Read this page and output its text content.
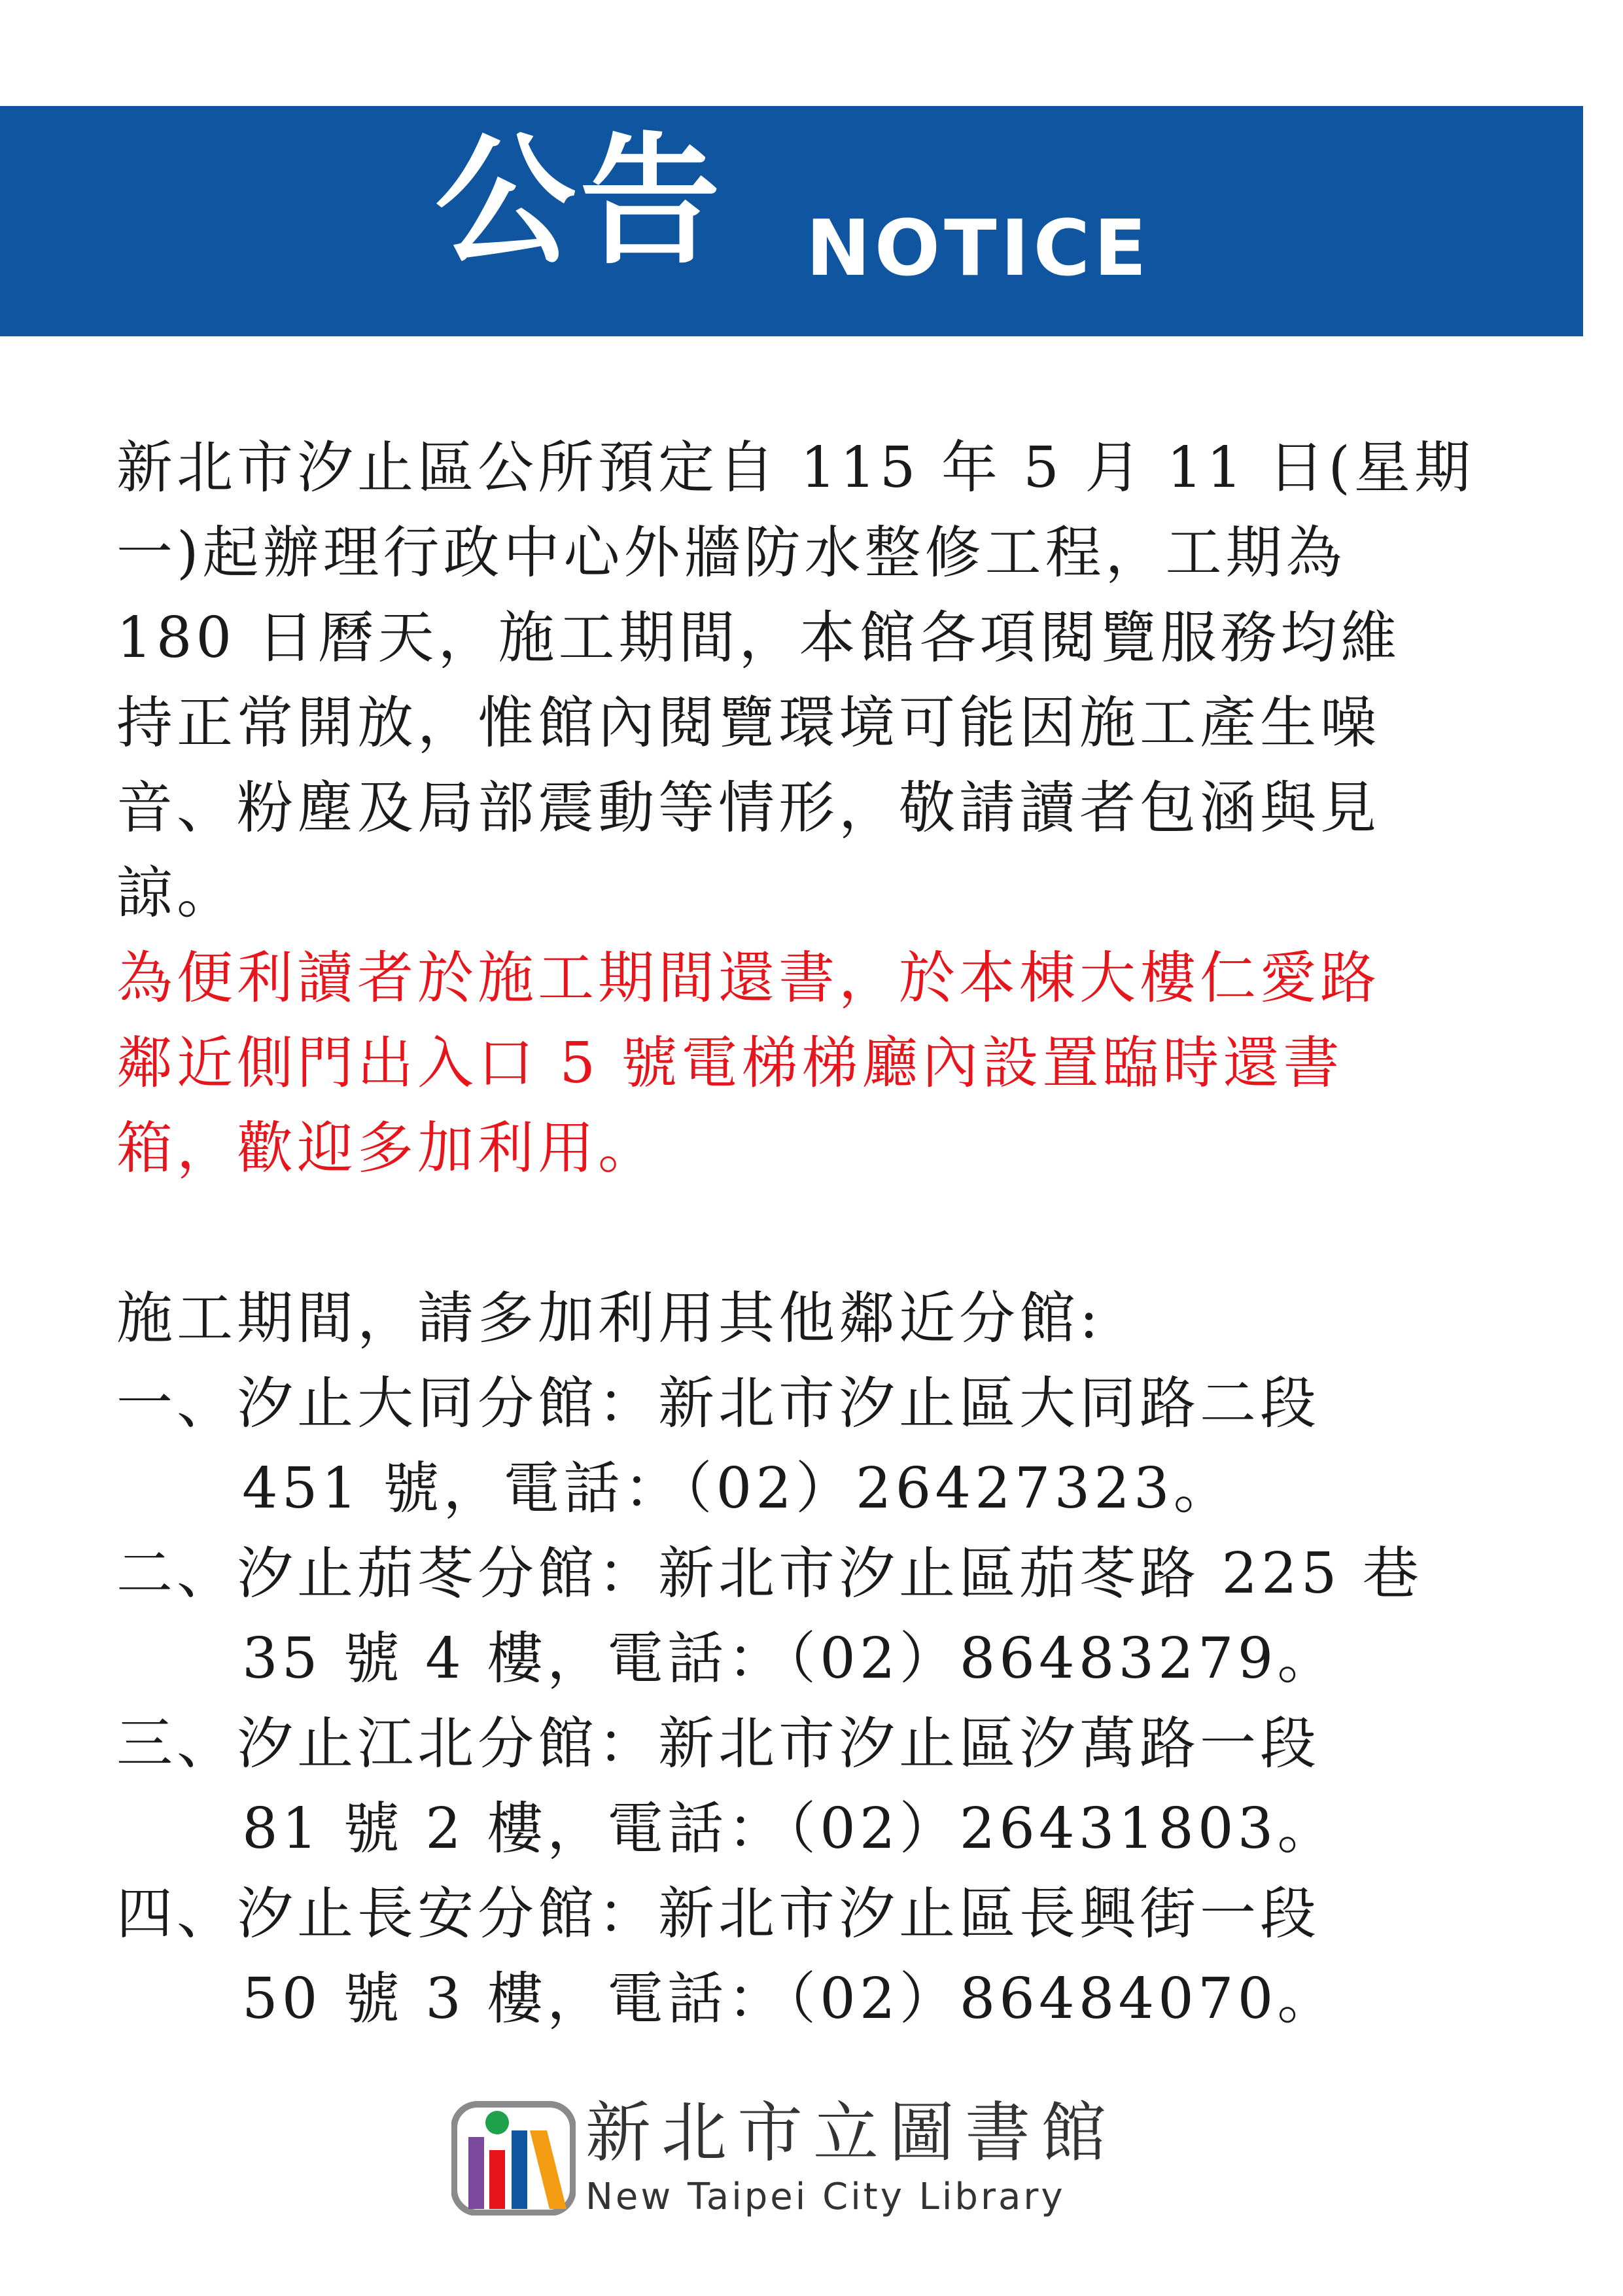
公告 NOTICE
新北市汐止區公所預定自 115 年 5 月 11 日(星期
一)起辦理行政中心外牆防水整修工程，工期為
180 日曆天，施工期間，本館各項閱覽服務均維
持正常開放，惟館內閱覽環境可能因施工產生噪
音、粉塵及局部震動等情形，敬請讀者包涵與見
諒。
為便利讀者於施工期間還書，於本棟大樓仁愛路
鄰近側門出入口 5 號電梯梯廳內設置臨時還書
箱，歡迎多加利用。
施工期間，請多加利用其他鄰近分館:
一、汐止大同分館：新北市汐止區大同路二段
451 號，電話：（02）26427323。
二、汐止茄苳分館：新北市汐止區茄苳路 225 巷
35 號 4 樓，電話：（02）86483279。
三、汐止江北分館：新北市汐止區汐萬路一段
81 號 2 樓，電話：（02）26431803。
四、汐止長安分館：新北市汐止區長興街一段
50 號 3 樓，電話：（02）86484070。
新北市立圖書館
New Taipei City Library
